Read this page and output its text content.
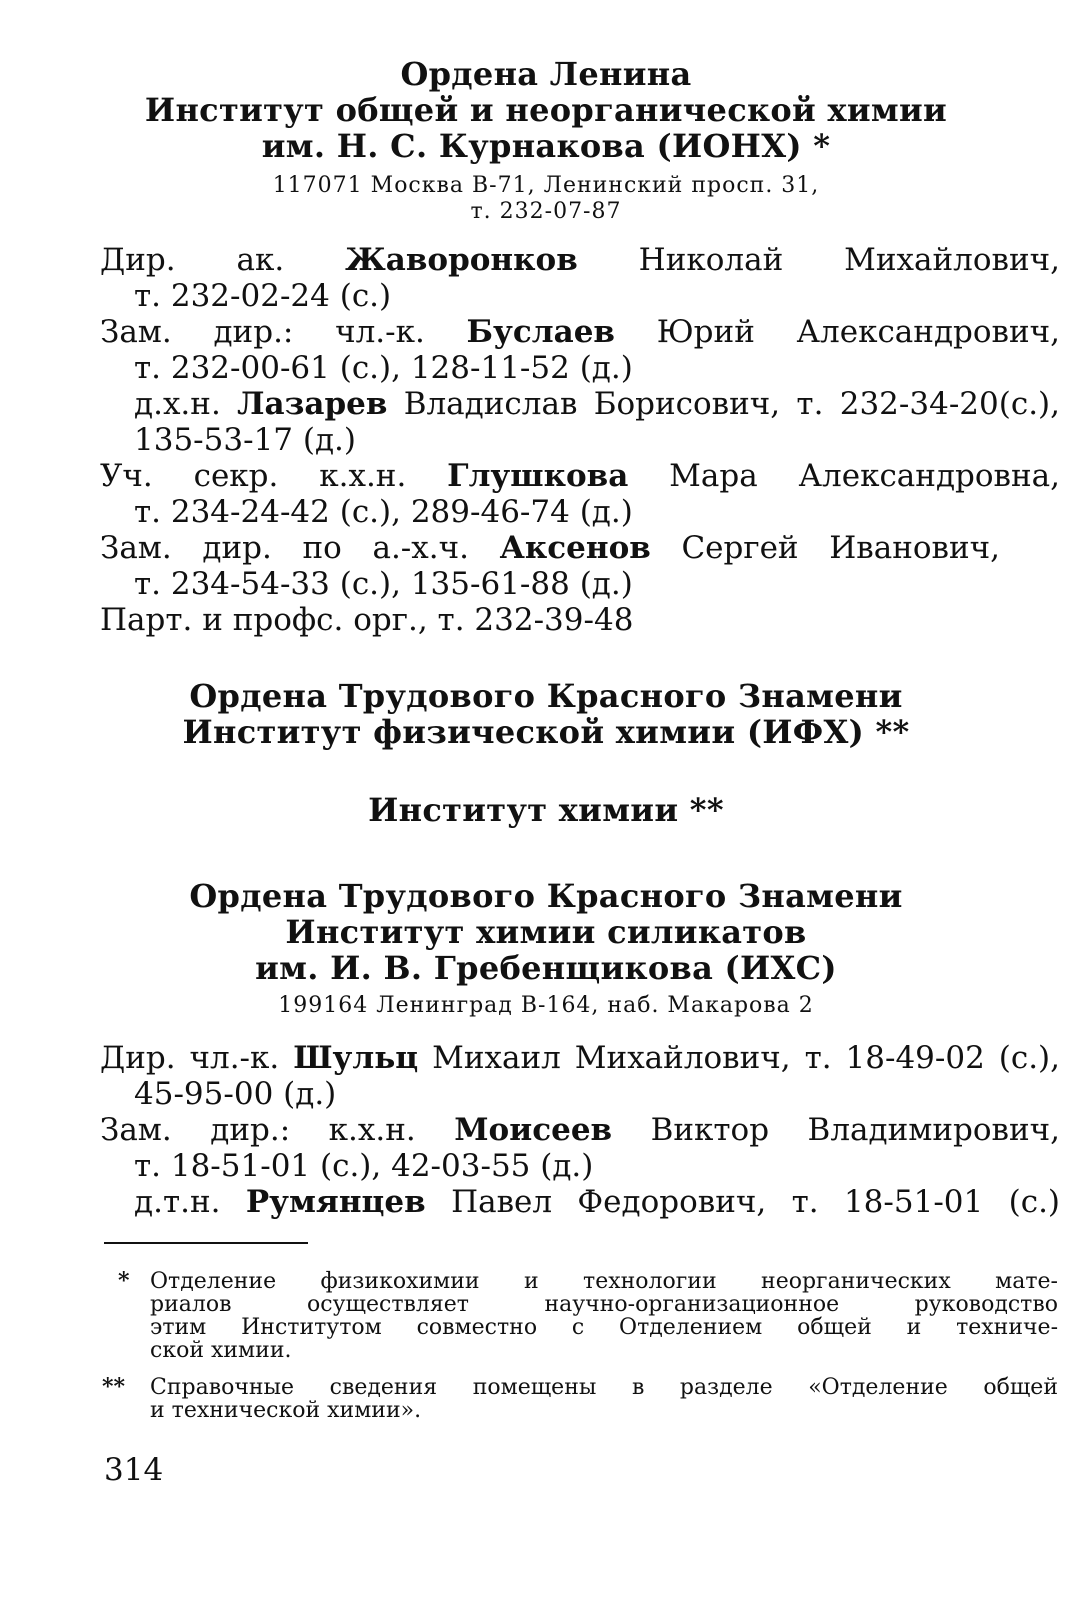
Ордена Ленина
Институт общей и неорганической химии
им. Н. С. Курнакова (ИОНХ) *
117071 Москва В-71, Ленинский просп. 31,
т. 232-07-87
Дир. ак. Жаворонков Николай Михайлович,
т. 232-02-24 (с.)
Зам. дир.: чл.-к. Буслаев Юрий Александрович,
т. 232-00-61 (с.), 128-11-52 (д.)
д.х.н. Лазарев Владислав Борисович, т. 232-34-20(с.),
135-53-17 (д.)
Уч. секр. к.х.н. Глушкова Мара Александровна,
т. 234-24-42 (с.), 289-46-74 (д.)
Зам. дир. по а.-х.ч. Аксенов Сергей Иванович,
т. 234-54-33 (с.), 135-61-88 (д.)
Парт. и профс. орг., т. 232-39-48
Ордена Трудового Красного Знамени
Институт физической химии (ИФХ) **
Институт химии **
Ордена Трудового Красного Знамени
Институт химии силикатов
им. И. В. Гребенщикова (ИХС)
199164 Ленинград В-164, наб. Макарова 2
Дир. чл.-к. Шульц Михаил Михайлович, т. 18-49-02 (с.),
45-95-00 (д.)
Зам. дир.: к.х.н. Моисеев Виктор Владимирович,
т. 18-51-01 (с.), 42-03-55 (д.)
д.т.н. Румянцев Павел Федорович, т. 18-51-01 (с.)
* Отделение физикохимии и технологии неорганических мате-
риалов осуществляет научно-организационное руководство
этим Институтом совместно с Отделением общей и техниче-
ской химии.
** Справочные сведения помещены в разделе «Отделение общей
и технической химии».
314
